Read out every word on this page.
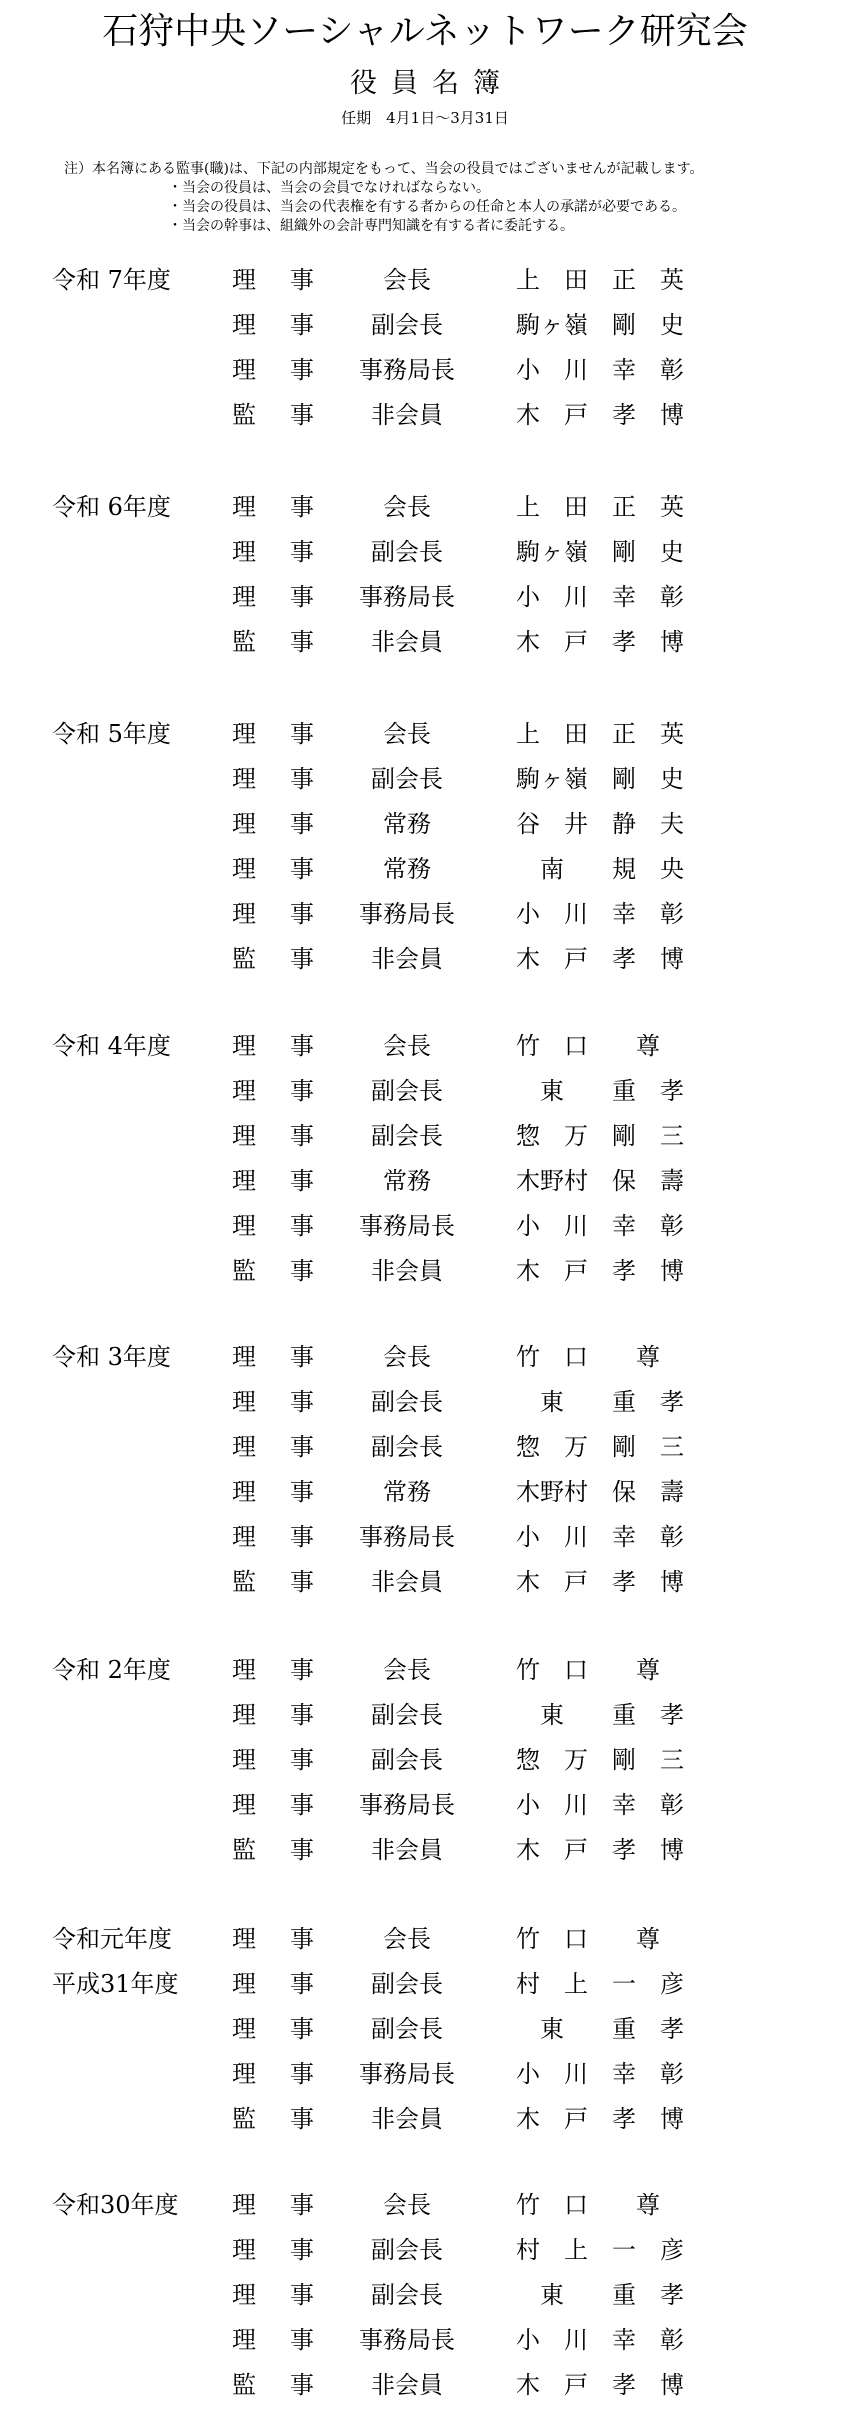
石狩中央ソーシャルネットワーク研究会
役員名簿
任期　4月1日～3月31日
注）本名簿にある監事(職)は、下記の内部規定をもって、当会の役員ではございませんが記載します。
・当会の役員は、当会の会員でなければならない。
・当会の役員は、当会の代表権を有する者からの任命と本人の承諾が必要である。
・当会の幹事は、組織外の会計専門知識を有する者に委託する。
令和 7年度	理事	会長	上　田　正　英
理事	副会長	駒ヶ嶺　剛　史
理事	事務局長	小　川　幸　彰
監事	非会員	木　戸　孝　博
令和 6年度	理事	会長	上　田　正　英
理事	副会長	駒ヶ嶺　剛　史
理事	事務局長	小　川　幸　彰
監事	非会員	木　戸　孝　博
令和 5年度	理事	会長	上　田　正　英
理事	副会長	駒ヶ嶺　剛　史
理事	常務	谷　井　静　夫
理事	常務	　南　　規　央
理事	事務局長	小　川　幸　彰
監事	非会員	木　戸　孝　博
令和 4年度	理事	会長	竹　口　　尊
理事	副会長	　東　　重　孝
理事	副会長	惣　万　剛　三
理事	常務	木野村　保　壽
理事	事務局長	小　川　幸　彰
監事	非会員	木　戸　孝　博
令和 3年度	理事	会長	竹　口　　尊
理事	副会長	　東　　重　孝
理事	副会長	惣　万　剛　三
理事	常務	木野村　保　壽
理事	事務局長	小　川　幸　彰
監事	非会員	木　戸　孝　博
令和 2年度	理事	会長	竹　口　　尊
理事	副会長	　東　　重　孝
理事	副会長	惣　万　剛　三
理事	事務局長	小　川　幸　彰
監事	非会員	木　戸　孝　博
令和元年度	理事	会長	竹　口　　尊
平成31年度 理事	副会長	村　上　一　彦
理事	副会長	　東　　重　孝
理事	事務局長	小　川　幸　彰
監事	非会員	木　戸　孝　博
令和30年度 理事	会長	竹　口　　尊
理事	副会長	村　上　一　彦
理事	副会長	　東　　重　孝
理事	事務局長	小　川　幸　彰
監事	非会員	木　戸　孝　博
